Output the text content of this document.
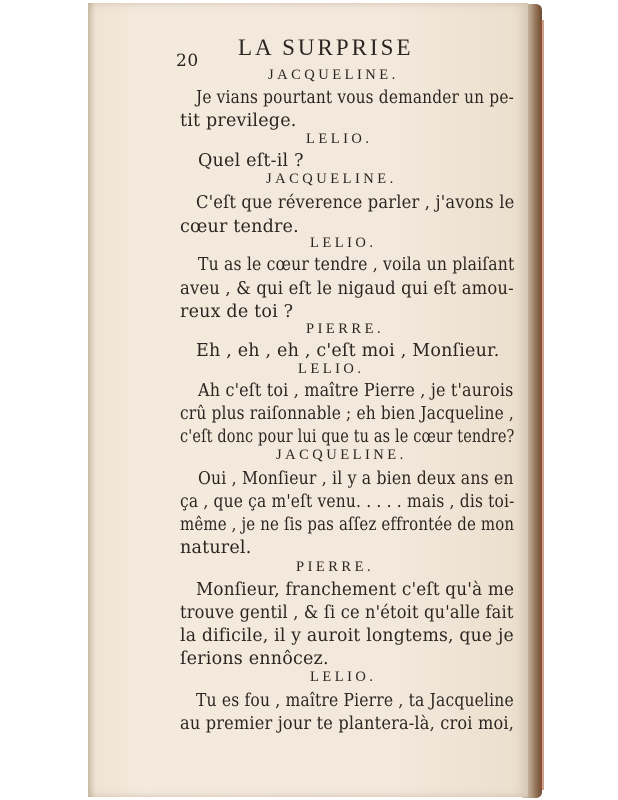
20
LA SURPRISE
JACQUELINE.
Je vians pourtant vous demander un pe-
tit previlege.
LELIO.
Quel eſt-il ?
JACQUELINE.
C'eſt que réverence parler , j'avons le
cœur tendre.
LELIO.
Tu as le cœur tendre , voila un plaiſant
aveu , & qui eſt le nigaud qui eſt amou-
reux de toi ?
PIERRE.
Eh , eh , eh , c'eſt moi , Monſieur.
LELIO.
Ah c'eſt toi , maître Pierre , je t'aurois
crû plus raiſonnable ; eh bien Jacqueline ,
c'eſt donc pour lui que tu as le cœur tendre?
JACQUELINE.
Oui , Monſieur , il y a bien deux ans en
ça , que ça m'eſt venu. . . . . mais , dis toi-
même , je ne ſis pas aſſez effrontée de mon
naturel.
PIERRE.
Monſieur, franchement c'eſt qu'à me
trouve gentil , & ſi ce n'étoit qu'alle fait
la dificile, il y auroit longtems, que je
ſerions ennôcez.
LELIO.
Tu es fou , maître Pierre , ta Jacqueline
au premier jour te plantera-là, croi moi,
